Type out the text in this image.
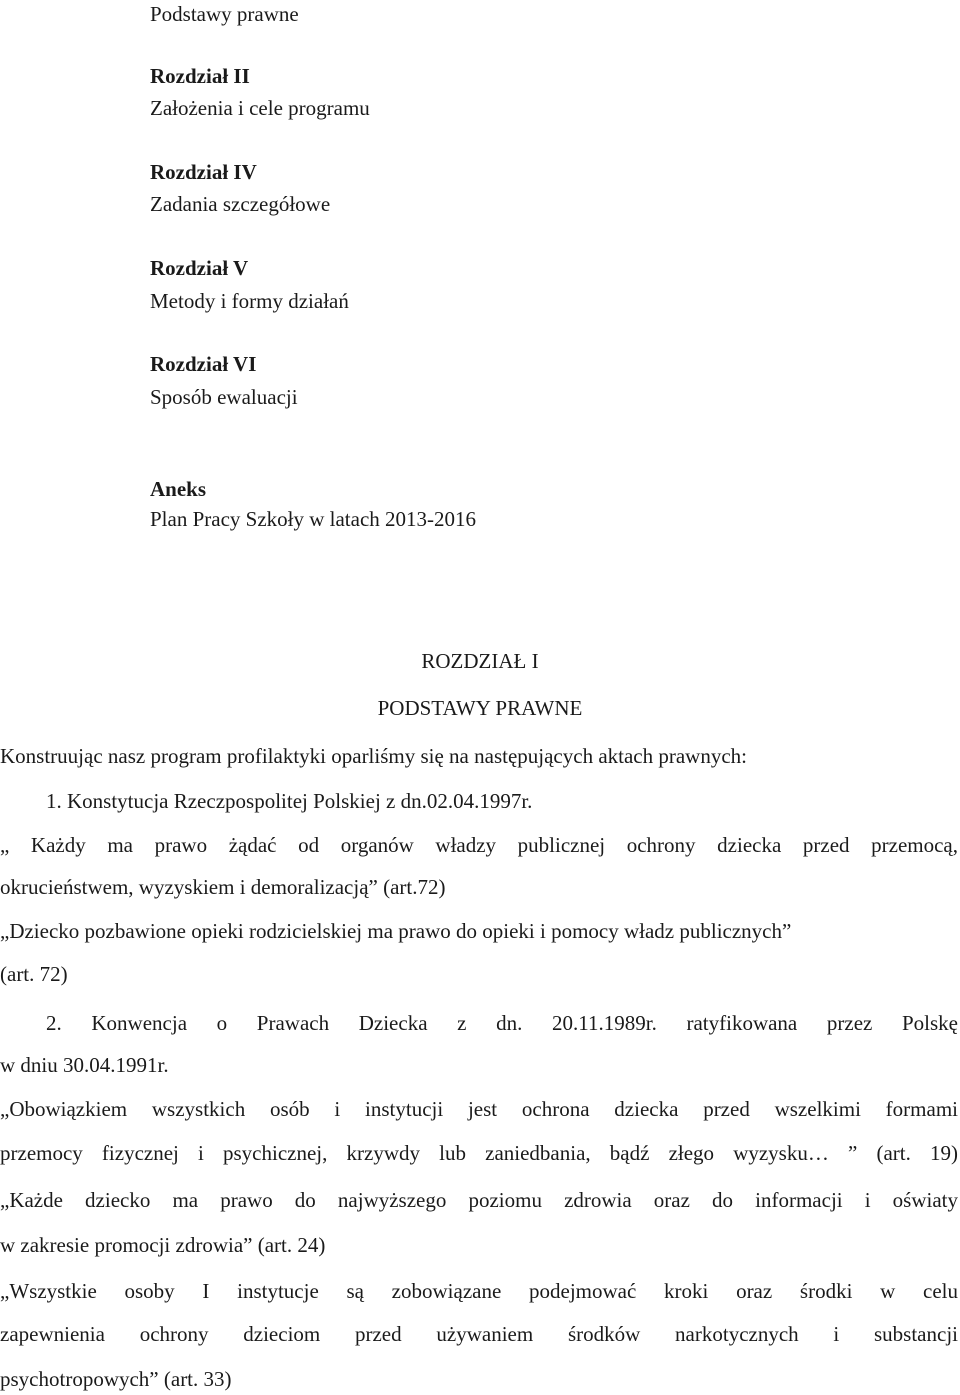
Podstawy prawne
Rozdział II
Założenia i cele programu
Rozdział IV
Zadania szczegółowe
Rozdział V
Metody i formy działań
Rozdział VI
Sposób ewaluacji
Aneks
Plan Pracy Szkoły w latach 2013-2016
ROZDZIAŁ I
PODSTAWY PRAWNE
Konstruując nasz program profilaktyki oparliśmy się na następujących aktach prawnych:
1. Konstytucja Rzeczpospolitej Polskiej z dn.02.04.1997r.
„ Każdy ma prawo żądać od organów władzy publicznej ochrony dziecka przed przemocą,
okrucieństwem, wyzyskiem i demoralizacją” (art.72)
„Dziecko pozbawione opieki rodzicielskiej ma prawo do opieki i pomocy władz publicznych”
(art. 72)
2. Konwencja o Prawach Dziecka z dn. 20.11.1989r. ratyfikowana przez Polskę
w dniu 30.04.1991r.
„Obowiązkiem wszystkich osób i instytucji jest ochrona dziecka przed wszelkimi formami
przemocy fizycznej i psychicznej, krzywdy lub zaniedbania, bądź złego wyzysku… ” (art. 19)
„Każde dziecko ma prawo do najwyższego poziomu zdrowia oraz do informacji i oświaty
w zakresie promocji zdrowia” (art. 24)
„Wszystkie osoby I instytucje są zobowiązane podejmować kroki oraz środki w celu
zapewnienia ochrony dzieciom przed używaniem środków narkotycznych i substancji
psychotropowych” (art. 33)
